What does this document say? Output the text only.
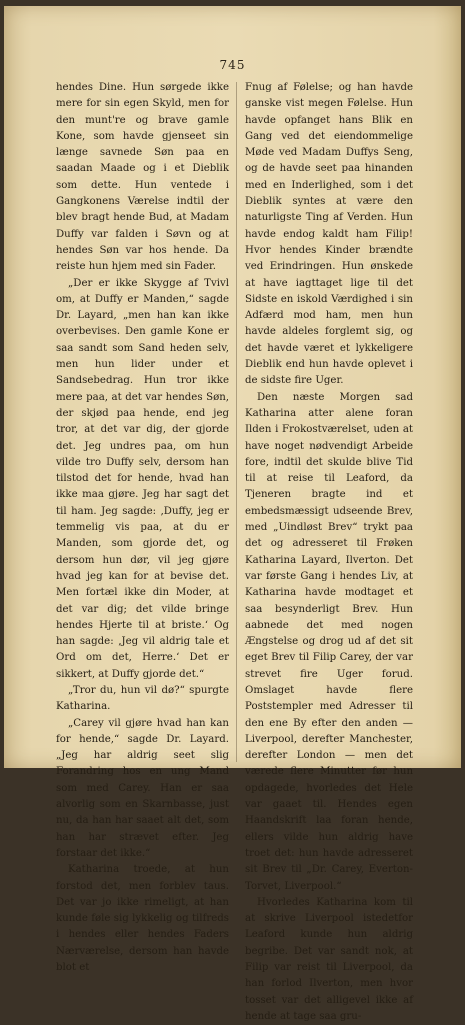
745

hendes Dine. Hun sørgede ikke mere for sin egen Skyld, men for den munt're og brave gamle Kone, som havde gjenseet sin længe savnede Søn paa en saadan Maade og i et Dieblik som dette. Hun ventede i Gangkonens Værelse indtil der blev bragt hende Bud, at Madam Duffy var falden i Søvn og at hendes Søn var hos hende. Da reiste hun hjem med sin Fader.

„Der er ikke Skygge af Tvivl om, at Duffy er Manden,“ sagde Dr. Layard, „men han kan ikke overbevises. Den gamle Kone er saa sandt som Sand heden selv, men hun lider under et Sandsebedrag. Hun tror ikke mere paa, at det var hendes Søn, der skjød paa hende, end jeg tror, at det var dig, der gjorde det. Jeg undres paa, om hun vilde tro Duffy selv, dersom han tilstod det for hende, hvad han ikke maa gjøre. Jeg har sagt det til ham. Jeg sagde: ‚Duffy, jeg er temmelig vis paa, at du er Manden, som gjorde det, og dersom hun dør, vil jeg gjøre hvad jeg kan for at bevise det. Men fortæl ikke din Moder, at det var dig; det vilde bringe hendes Hjerte til at briste.‘ Og han sagde: ‚Jeg vil aldrig tale et Ord om det, Herre.‘ Det er sikkert, at Duffy gjorde det.“

„Tror du, hun vil dø?“ spurgte Katharina.

„Carey vil gjøre hvad han kan for hende,“ sagde Dr. Layard. „Jeg har aldrig seet slig Forandring hos en ung Mand som med Carey. Han er saa alvorlig som en Skarnbasse, just nu, da han har saaet alt det, som han har strævet efter. Jeg forstaar det ikke.“

Katharina troede, at hun forstod det, men forblev taus. Det var jo ikke rimeligt, at han kunde føle sig lykkelig og tilfreds i hendes eller hendes Faders Nærværelse, dersom han havde blot et

Fnug af Følelse; og han havde ganske vist megen Følelse. Hun havde opfanget hans Blik en Gang ved det eiendommelige Møde ved Madam Duffys Seng, og de havde seet paa hinanden med en Inderlighed, som i det Dieblik syntes at være den naturligste Ting af Verden. Hun havde endog kaldt ham Filip! Hvor hendes Kinder brændte ved Erindringen. Hun ønskede at have iagttaget lige til det Sidste en iskold Værdighed i sin Adfærd mod ham, men hun havde aldeles forglemt sig, og det havde været et lykkeligere Dieblik end hun havde oplevet i de sidste fire Uger.

Den næste Morgen sad Katharina atter alene foran Ilden i Frokostværelset, uden at have noget nødvendigt Arbeide fore, indtil det skulde blive Tid til at reise til Leaford, da Tjeneren bragte ind et embedsmæssigt udseende Brev, med „Uindløst Brev“ trykt paa det og adresseret til Frøken Katharina Layard, Ilverton. Det var første Gang i hendes Liv, at Katharina havde modtaget et saa besynderligt Brev. Hun aabnede det med nogen Ængstelse og drog ud af det sit eget Brev til Filip Carey, der var strevet fire Uger forud. Omslaget havde flere Poststempler med Adresser til den ene By efter den anden — Liverpool, derefter Manchester, derefter London — men det værede flere Minutter før hun opdagede, hvorledes det Hele var gaaet til. Hendes egen Haandskrift laa foran hende, ellers vilde hun aldrig have troet det: hun havde adresseret sit Brev til „Dr. Carey, Everton-Torvet, Liverpool.“

Hvorledes Katharina kom til at skrive Liverpool istedetfor Leaford kunde hun aldrig begribe. Det var sandt nok, at Filip var reist til Liverpool, da han forlod Ilverton, men hvor tosset var det alligevel ikke af hende at tage saa gru-
